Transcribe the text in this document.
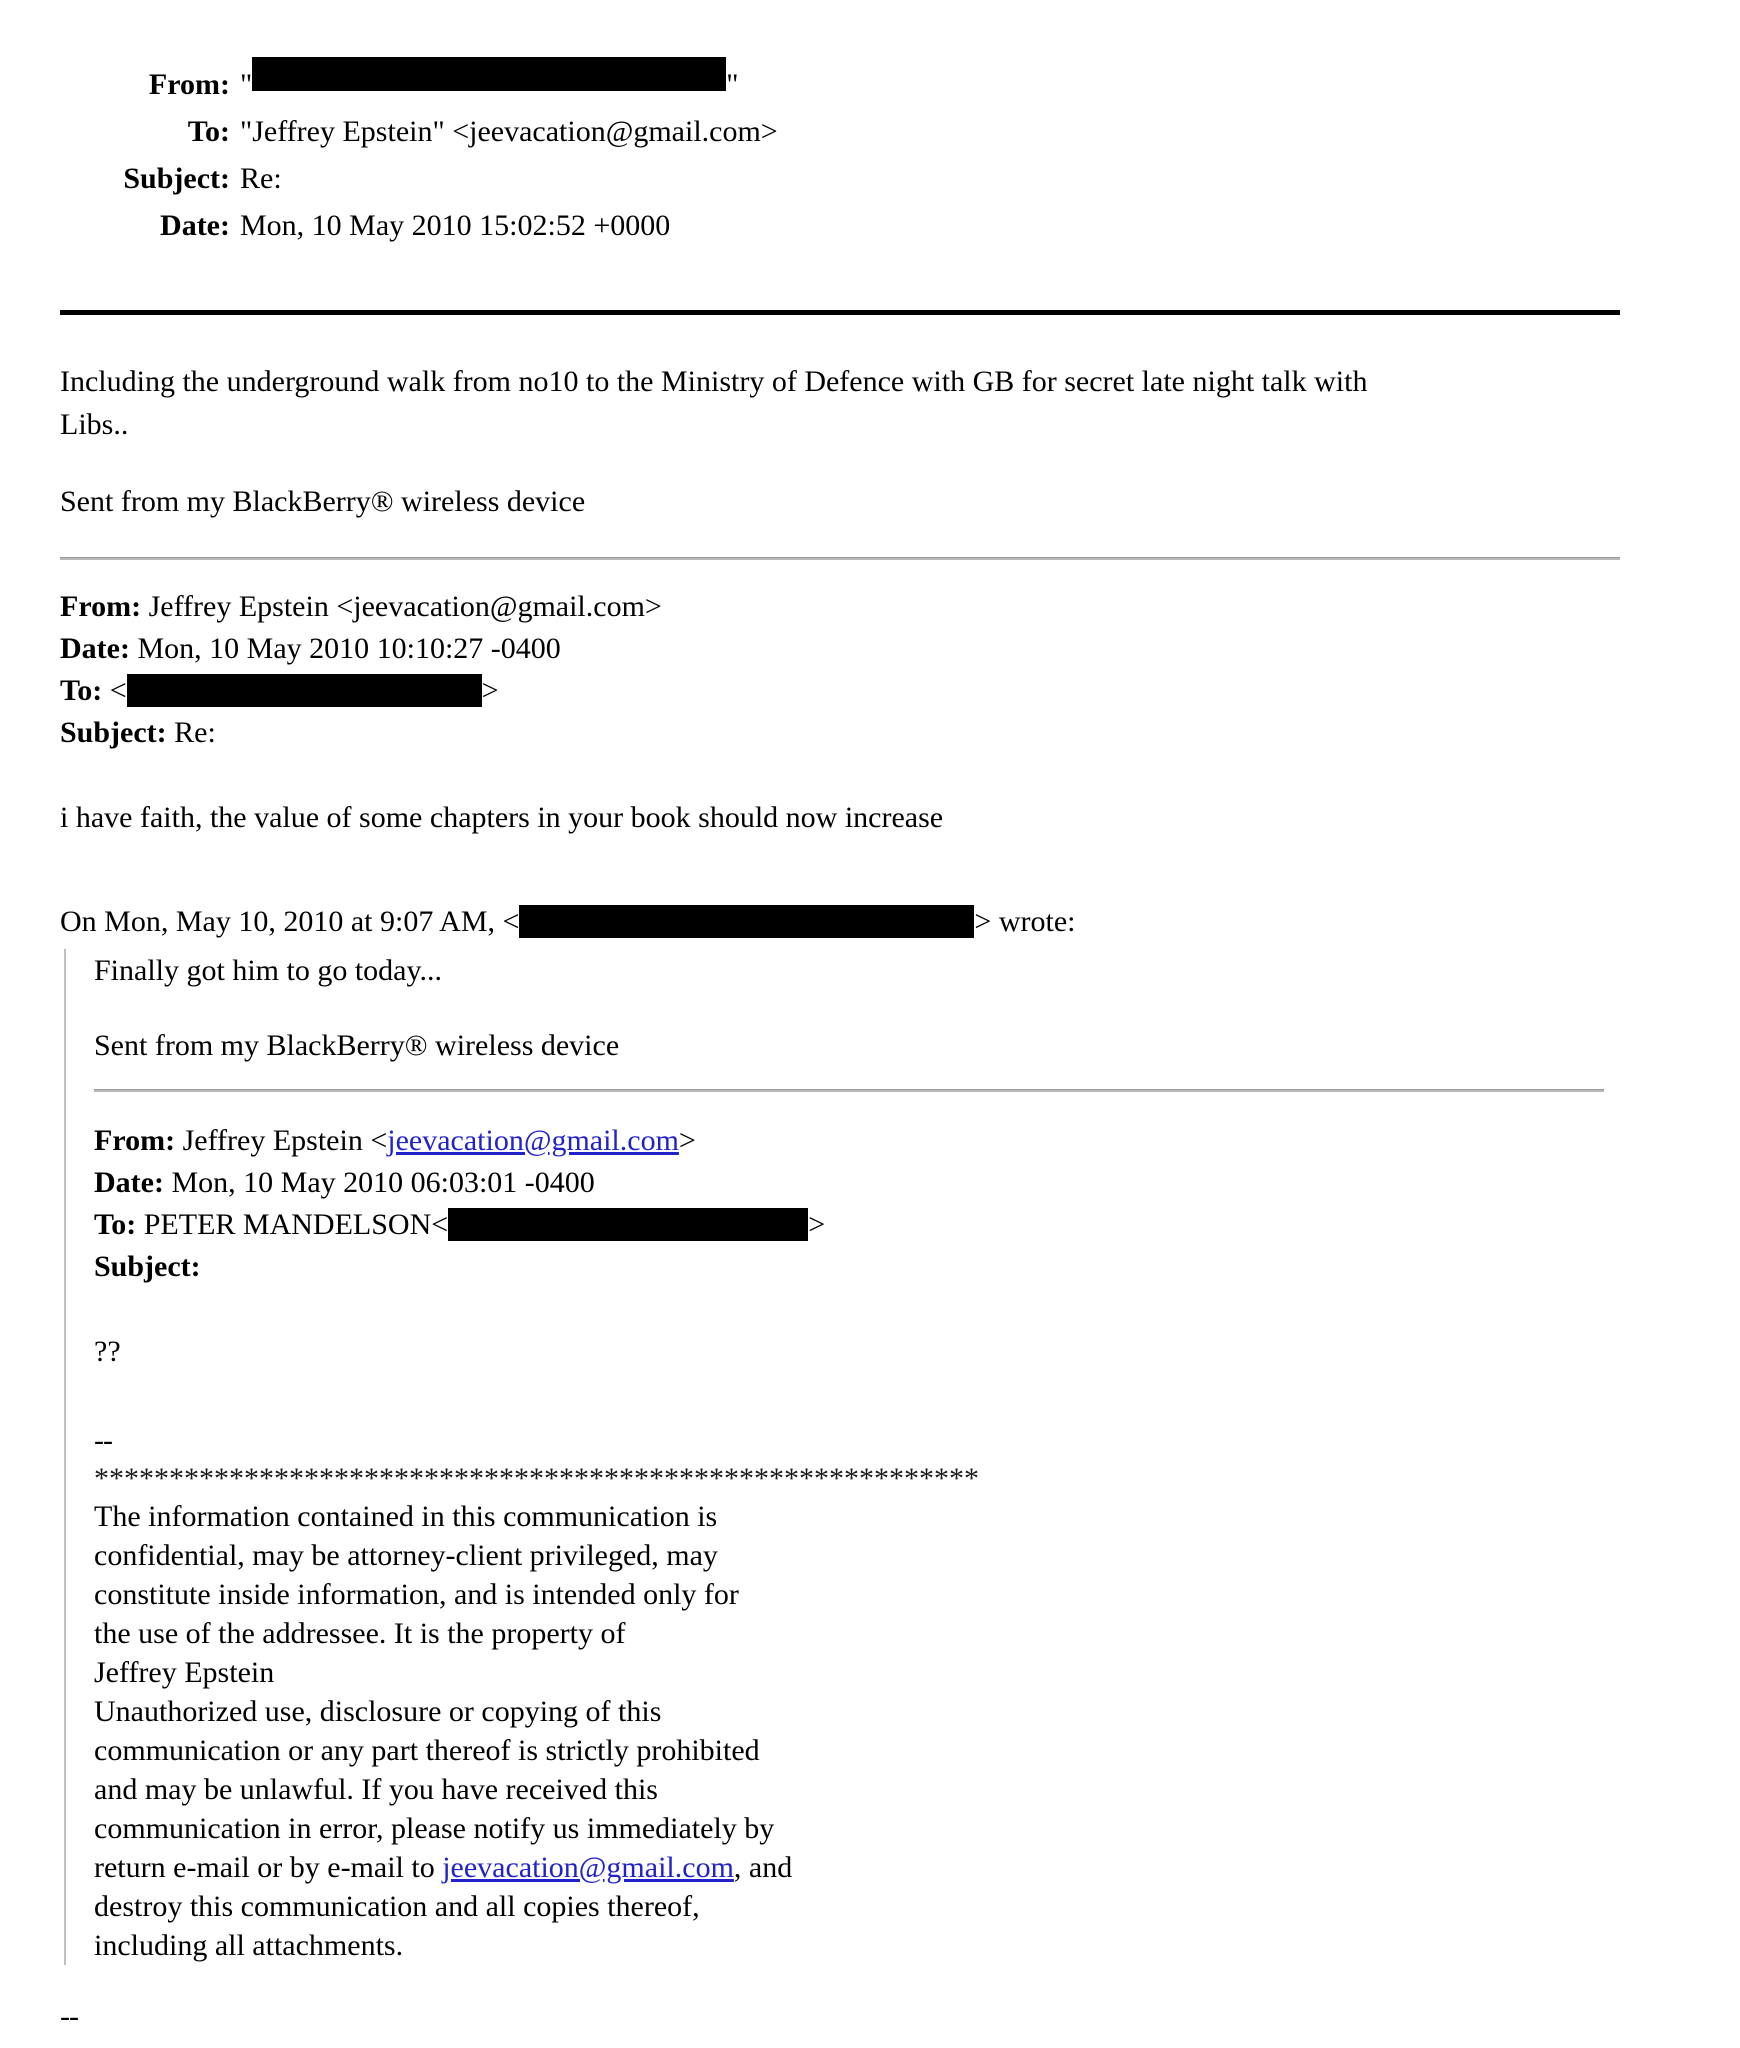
From: "	"
To: "Jeffrey Epstein" <jeevacation@gmail.com>
Subject: Re:
Date: Mon, 10 May 2010 15:02:52 +0000

Including the underground walk from no10 to the Ministry of Defence with GB for secret late night talk with
Libs..

Sent from my BlackBerry® wireless device

From: Jeffrey Epstein <jeevacation@gmail.com>
Date: Mon, 10 May 2010 10:10:27 -0400
To: <	>
Subject: Re:

i have faith, the value of some chapters in your book should now increase

On Mon, May 10, 2010 at 9:07 AM, <	> wrote:

Finally got him to go today...

Sent from my BlackBerry® wireless device

From: Jeffrey Epstein <jeevacation@gmail.com>
Date: Mon, 10 May 2010 06:03:01 -0400
To: PETER MANDELSON<	>
Subject:

??

--

***********************************************************

The information contained in this communication is
confidential, may be attorney-client privileged, may
constitute inside information, and is intended only for
the use of the addressee. It is the property of
Jeffrey Epstein
Unauthorized use, disclosure or copying of this
communication or any part thereof is strictly prohibited
and may be unlawful. If you have received this
communication in error, please notify us immediately by
return e-mail or by e-mail to jeevacation@gmail.com, and
destroy this communication and all copies thereof,
including all attachments.
--
